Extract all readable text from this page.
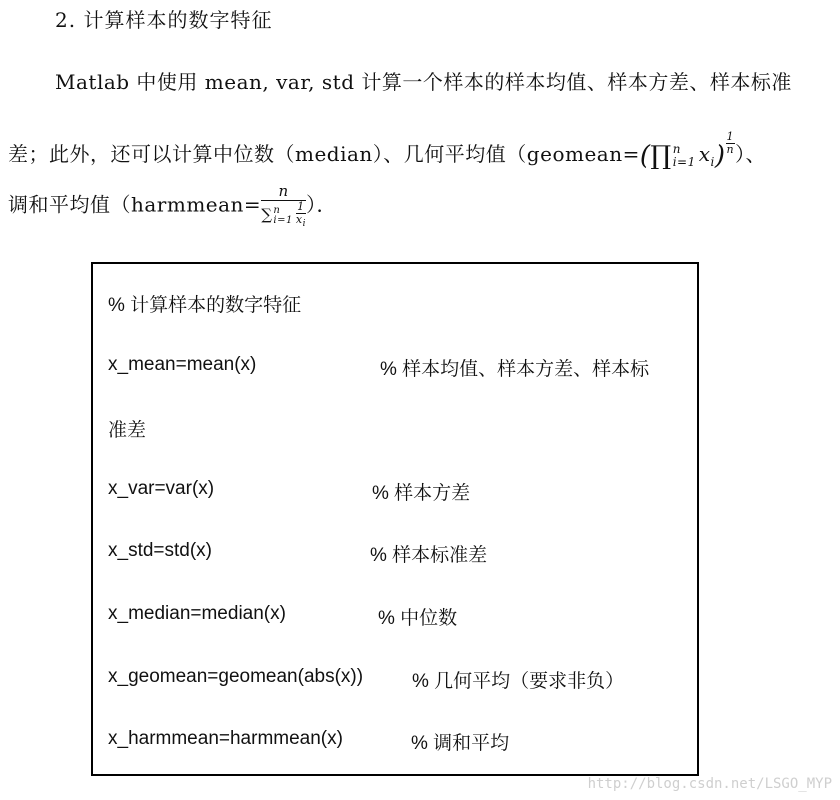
2. 计算样本的数字特征
Matlab 中使用 mean, var, std 计算一个样本的样本均值、样本方差、样本标准
差；此外，还可以计算中位数（median）、几何平均值（geomean=(∏n
i=1 $x_i) \frac{1}{n}$ ）、
调和平均值（harmmean=
n
∑n
$i=1 \frac{1}{x_i}$ ）．
% 计算样本的数字特征
x_mean=mean(x)	% 样本均值、样本方差、样本标
准差
x_var=var(x)	% 样本方差
x_std=std(x)	% 样本标准差
x_median=median(x)	% 中位数
x_geomean=geomean(abs(x))	% 几何平均（要求非负）
x_harmmean=harmmean(x)	% 调和平均
http://blog.csdn.net/LSGO_MYP
